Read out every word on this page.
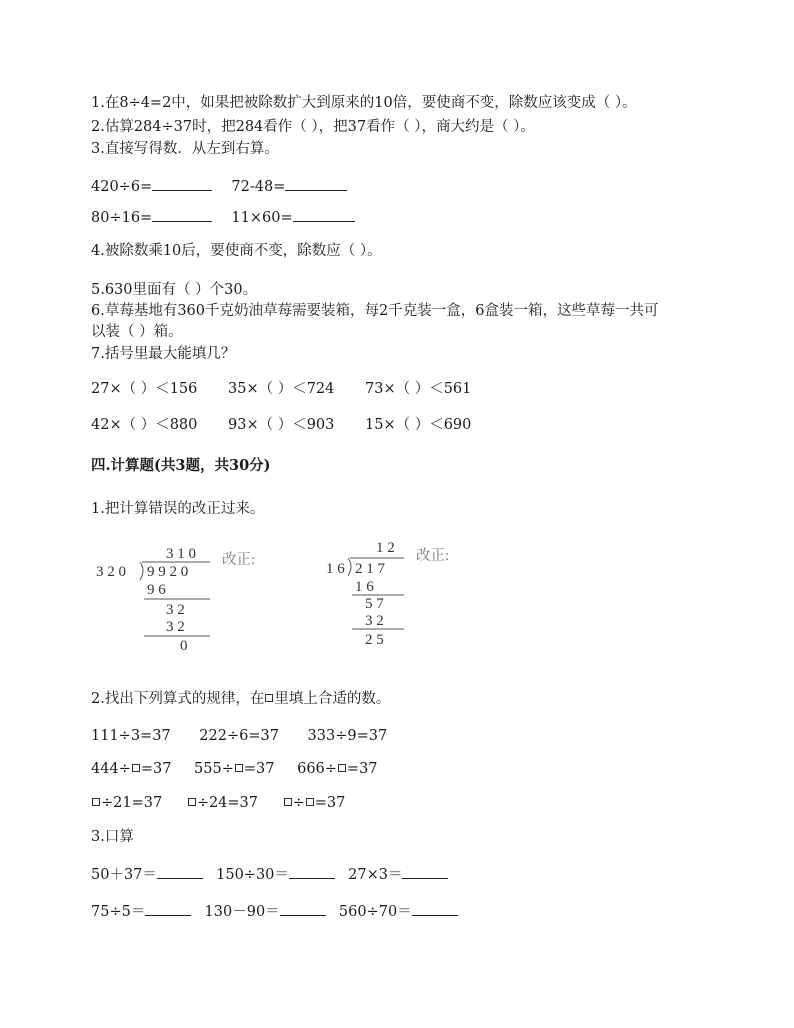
1.在8÷4=2中，如果把被除数扩大到原来的10倍，要使商不变，除数应该变成（ ）。
2.估算284÷37时，把284看作（ ），把37看作（ ），商大约是（ ）。
3.直接写得数．从左到右算。
420÷6=	72-48=
80÷16=	11×60=
4.被除数乘10后，要使商不变，除数应（ ）。
5.630里面有（ ）个30。
6.草莓基地有360千克奶油草莓需要装箱，每2千克装一盒，6盒装一箱，这些草莓一共可
以装（ ）箱。
7.括号里最大能填几？
27×（ ）＜156 35×（ ）＜724 73×（ ）＜561
42×（ ）＜880 93×（ ）＜903 15×（ ）＜690
四.计算题(共3题，共30分)
1.把计算错误的改正过来。
3 1 0
3 2 0 9 9 2 0
9 6
3 2
3 2
0
改正:
1 2
1 6 2 1 7
1 6
5 7
3 2
2 5
改正:
2.找出下列算式的规律，在 里填上合适的数。
111÷3=37 222÷6=37 333÷9=37
444÷ =37 555÷ =37 666÷ =37
÷21=37 ÷24=37 ÷ =37
3.口算
50＋37＝	150÷30＝	27×3＝
75÷5＝	130－90＝	560÷70＝
